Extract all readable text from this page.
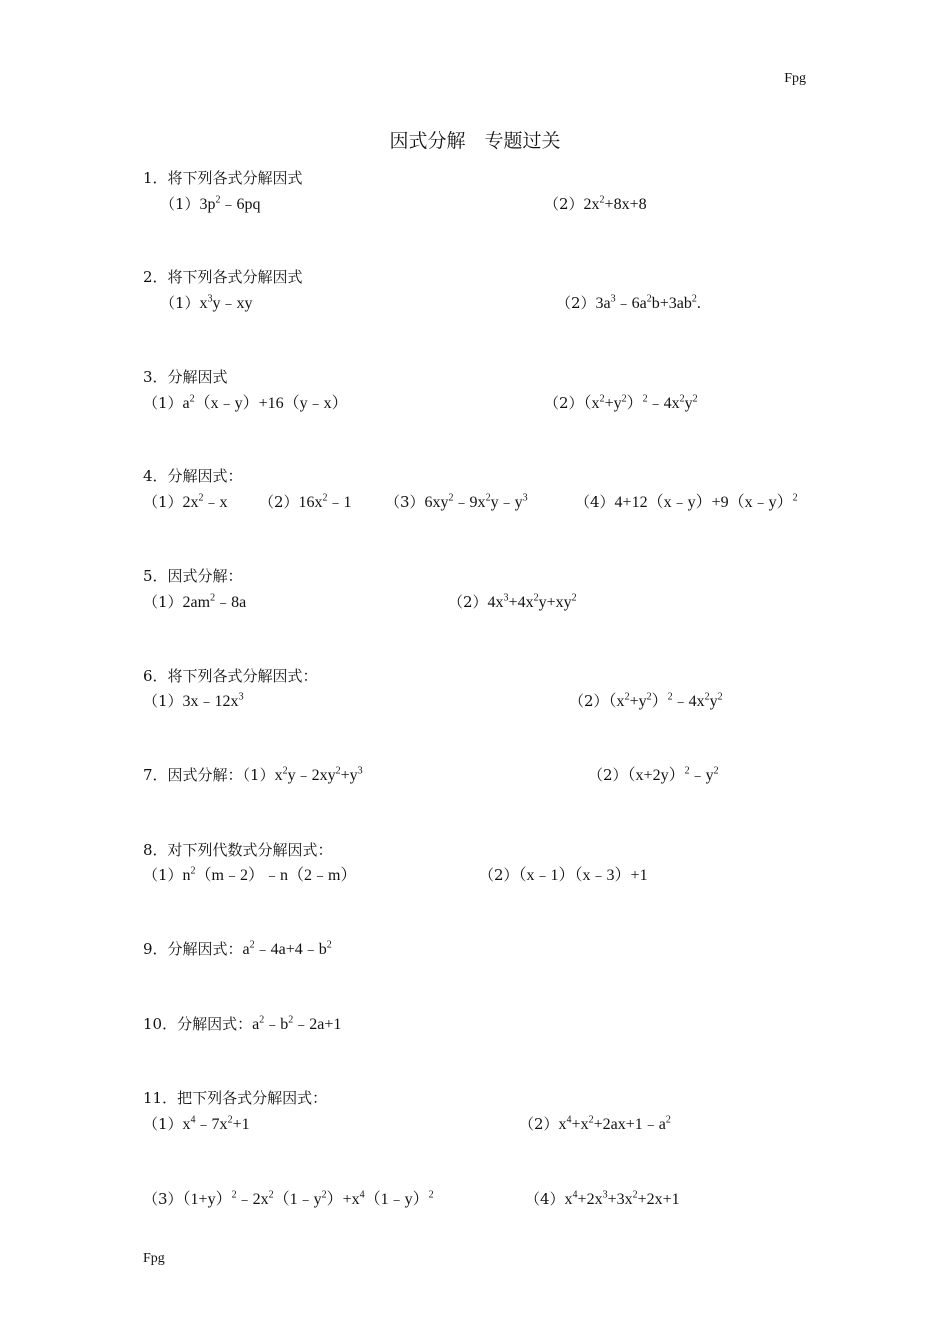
Fpg
因式分解　专题过关
1．将下列各式分解因式
$(1)3p^2﹣6pq$	$(2)2x^2+8x+8$
2．将下列各式分解因式
$(1)x^3y﹣xy$	$(2)3a^3﹣6a^2b+3ab^2$.
3．分解因式
$(1)a^2(x﹣y)+16(y﹣x)$	$(2)(x^2+y^2)^2﹣4x^2y^2$
4．分解因式：
$(1)2x^2﹣x$ $(2)16x^2﹣1$ $(3)6xy^2﹣9x^2y﹣y^3$	（4）4+12（x﹣y）+9（x﹣y）$^2$
5．因式分解：
$(1)2am^2﹣8a$	$(2)4x^3+4x^2y+xy^2$
6．将下列各式分解因式：
$(1)3x﹣12x^3$	$(2)(x^2+y^2)^2﹣4x^2y^2$
7．因式分解：$(1)x^2y﹣2xy^2+y^3$	$(2)(x+2y)^2﹣y^2$
8．对下列代数式分解因式：
$(1)n^2(m﹣2)﹣n(2﹣m)$	（2）（x﹣1）（x﹣3）+1
9．分解因式：$a^2﹣4a+4﹣b^2$
10．分解因式：$a^2﹣b^2﹣2a+1$
11．把下列各式分解因式：
$(1)x^4﹣7x^2+1$	$(2)x^4+x^2+2ax+1﹣a^2$
$(3)(1+y)^2﹣2x^2(1﹣y^2)+x^4(1﹣y)^2$	$(4)x^4+2x^3+3x^2+2x+1$
Fpg
